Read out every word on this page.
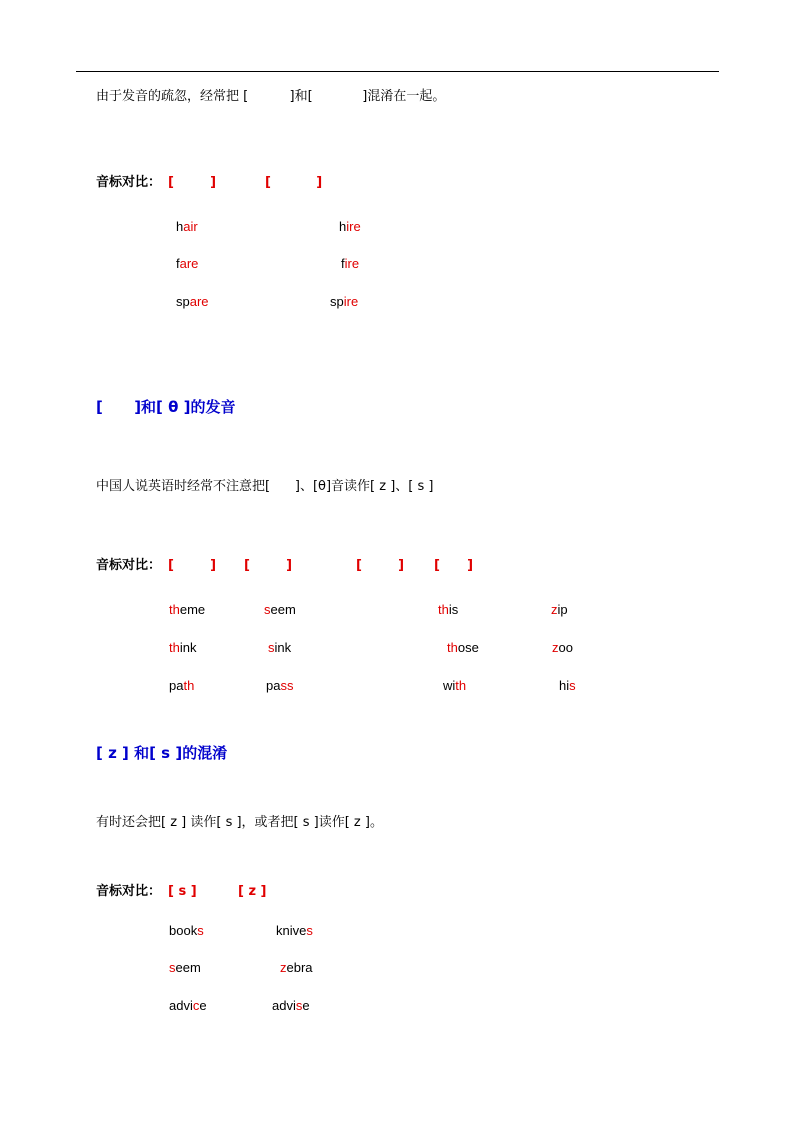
由于发音的疏忽，经常把 [          ]和[            ]混淆在一起。
音标对比： [        ]	[          ]
hair	hire
fare	fire
spare	spire
[      ]和[ θ ]的发音
中国人说英语时经常不注意把[      ]、[θ]音读作[ z ]、[ s ]
音标对比： [        ] [        ]	[        ] [      ]
theme	seem	this	zip
think	sink	those	zoo
path	pass	with	his
[ z ] 和[ s ]的混淆
有时还会把[ z ] 读作[ s ]，或者把[ s ]读作[ z ]。
音标对比： [ s ]	[ z ]
books	knives
seem	zebra
advice	advise
